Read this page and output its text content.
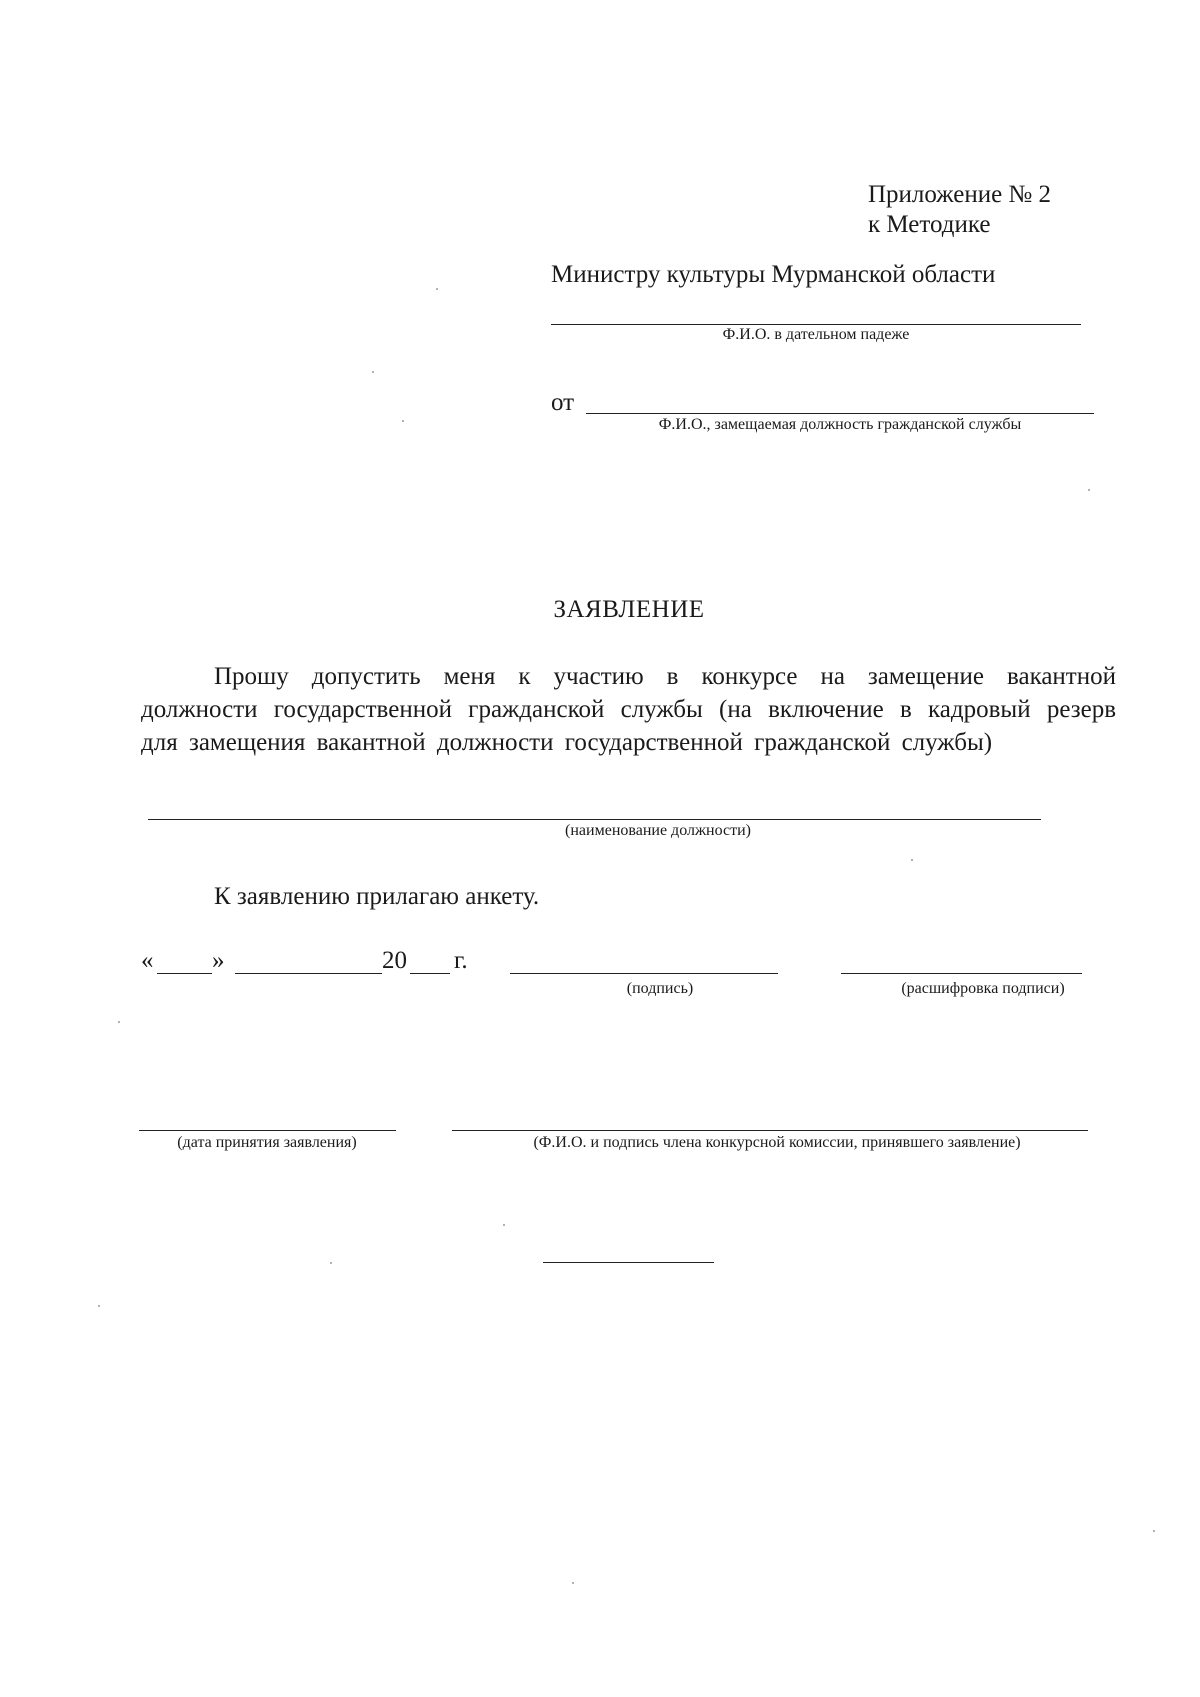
Приложение № 2
к Методике
Министру культуры Мурманской области
Ф.И.О. в дательном падеже
от
Ф.И.О., замещаемая должность гражданской службы
ЗАЯВЛЕНИЕ
Прошу допустить меня к участию в конкурсе на замещение вакантной должности государственной гражданской службы (на включение в кадровый резерв для замещения вакантной должности государственной гражданской службы)
(наименование должности)
К заявлению прилагаю анкету.
« »	20 г.
(подпись)	(расшифровка подписи)
(дата принятия заявления)	(Ф.И.О. и подпись члена конкурсной комиссии, принявшего заявление)
